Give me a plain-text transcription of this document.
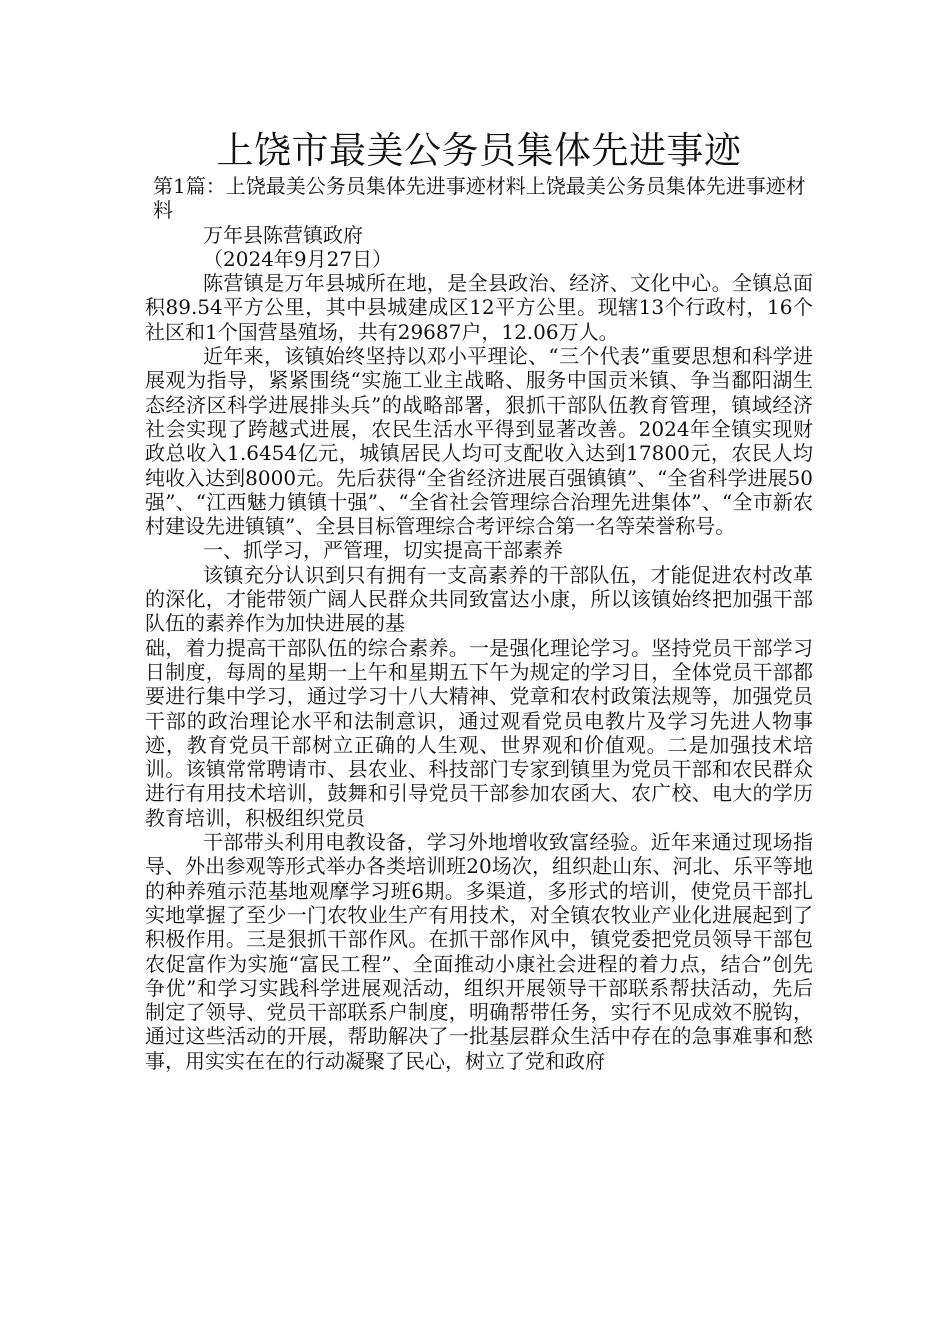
上饶市最美公务员集体先进事迹

第1篇：上饶最美公务员集体先进事迹材料上饶最美公务员集体先进事迹材料

万年县陈营镇政府

（2024年9月27日）

陈营镇是万年县城所在地，是全县政治、经济、文化中心。全镇总面积89.54平方公里，其中县城建成区12平方公里。现辖13个行政村，16个社区和1个国营垦殖场，共有29687户，12.06万人。

近年来，该镇始终坚持以邓小平理论、“三个代表”重要思想和科学进展观为指导，紧紧围绕“实施工业主战略、服务中国贡米镇、争当鄱阳湖生态经济区科学进展排头兵”的战略部署，狠抓干部队伍教育管理，镇域经济社会实现了跨越式进展，农民生活水平得到显著改善。2024年全镇实现财政总收入1.6454亿元，城镇居民人均可支配收入达到17800元，农民人均纯收入达到8000元。先后获得“全省经济进展百强镇镇”、“全省科学进展50强”、“江西魅力镇镇十强”、“全省社会管理综合治理先进集体”、“全市新农村建设先进镇镇”、全县目标管理综合考评综合第一名等荣誉称号。

一、抓学习，严管理，切实提高干部素养

该镇充分认识到只有拥有一支高素养的干部队伍，才能促进农村改革的深化，才能带领广阔人民群众共同致富达小康，所以该镇始终把加强干部队伍的素养作为加快进展的基

础，着力提高干部队伍的综合素养。一是强化理论学习。坚持党员干部学习日制度，每周的星期一上午和星期五下午为规定的学习日，全体党员干部都要进行集中学习，通过学习十八大精神、党章和农村政策法规等，加强党员干部的政治理论水平和法制意识，通过观看党员电教片及学习先进人物事迹，教育党员干部树立正确的人生观、世界观和价值观。二是加强技术培训。该镇常常聘请市、县农业、科技部门专家到镇里为党员干部和农民群众进行有用技术培训，鼓舞和引导党员干部参加农函大、农广校、电大的学历教育培训，积极组织党员

干部带头利用电教设备，学习外地增收致富经验。近年来通过现场指导、外出参观等形式举办各类培训班20场次，组织赴山东、河北、乐平等地的种养殖示范基地观摩学习班6期。多渠道，多形式的培训，使党员干部扎实地掌握了至少一门农牧业生产有用技术，对全镇农牧业产业化进展起到了积极作用。三是狠抓干部作风。在抓干部作风中，镇党委把党员领导干部包农促富作为实施“富民工程”、全面推动小康社会进程的着力点，结合”创先争优”和学习实践科学进展观活动，组织开展领导干部联系帮扶活动，先后制定了领导、党员干部联系户制度，明确帮带任务，实行不见成效不脱钩，通过这些活动的开展，帮助解决了一批基层群众生活中存在的急事难事和愁事，用实实在在的行动凝聚了民心，树立了党和政府
